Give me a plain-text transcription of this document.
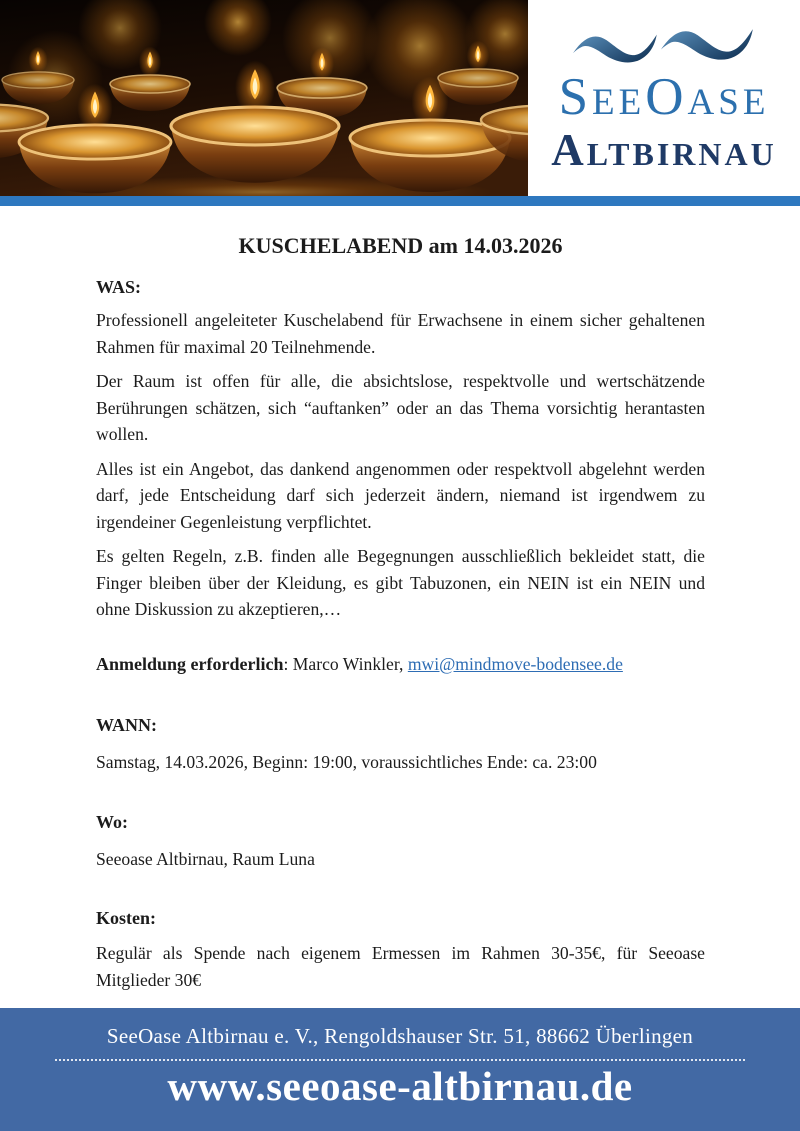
SeeOase
Altbirnau
KUSCHELABEND am 14.03.2026
WAS:

Professionell angeleiteter Kuschelabend für Erwachsene in einem sicher gehaltenen Rahmen für maximal 20 Teilnehmende.

Der Raum ist offen für alle, die absichtslose, respektvolle und wertschätzende Berührungen schätzen, sich “auftanken” oder an das Thema vorsichtig herantasten wollen.

Alles ist ein Angebot, das dankend angenommen oder respektvoll abgelehnt werden darf, jede Entscheidung darf sich jederzeit ändern, niemand ist irgendwem zu irgendeiner Gegenleistung verpflichtet.

Es gelten Regeln, z.B. finden alle Begegnungen ausschließlich bekleidet statt, die Finger bleiben über der Kleidung, es gibt Tabuzonen, ein NEIN ist ein NEIN und ohne Diskussion zu akzeptieren,…

Anmeldung erforderlich: Marco Winkler, mwi@mindmove-bodensee.de
WANN:

Samstag, 14.03.2026, Beginn: 19:00, voraussichtliches Ende: ca. 23:00

Wo:

Seeoase Altbirnau, Raum Luna

Kosten:

Regulär als Spende nach eigenem Ermessen im Rahmen 30-35€, für Seeoase Mitglieder 30€

SeeOase Altbirnau e. V., Rengoldshauser Str. 51, 88662 Überlingen
www.seeoase-altbirnau.de
